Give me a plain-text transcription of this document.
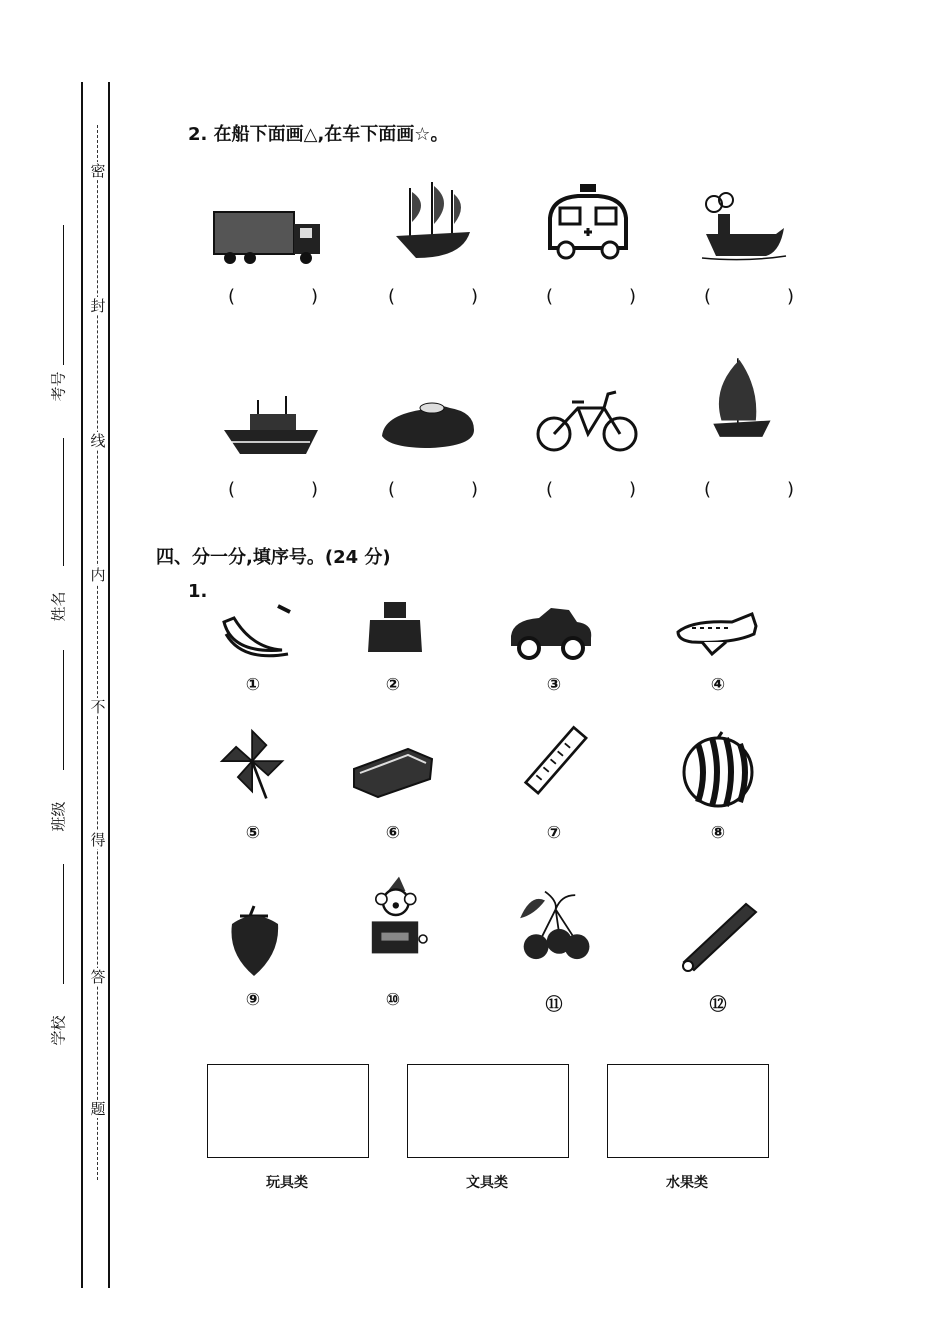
密
封
线
内
不
得
答
题
考号
姓名
班级
学校
2. 在船下面画△,在车下面画☆。
(	)	(	)	(	)	(	)
(	)	(	)	(	)	(	)
四、分一分,填序号。(24 分)
1.
①	②	③	④
⑤	⑥	⑦	⑧
⑨	⑩	⑪	⑫
玩具类	文具类	水果类
